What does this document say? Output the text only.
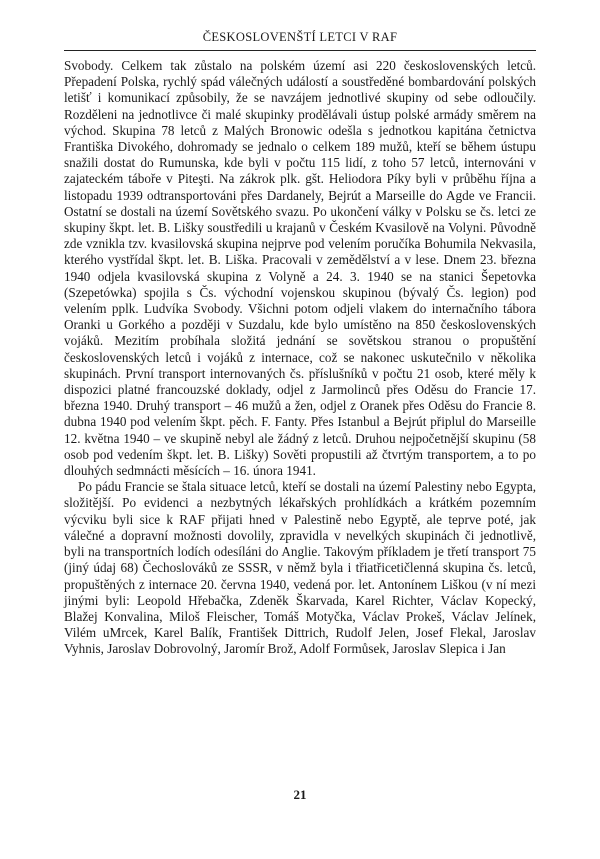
ČESKOSLOVENŠTÍ LETCI V RAF

Svobody. Celkem tak zůstalo na polském území asi 220 československých letců. Přepadení Polska, rychlý spád válečných událostí a soustředěné bombardování polských letišť i komunikací způsobily, že se navzájem jednotlivé skupiny od sebe odloučily. Rozděleni na jednotlivce či malé skupinky prodělávali ústup polské armády směrem na východ. Skupina 78 letců z Malých Bronowic odešla s jednotkou kapitána četnictva Františka Divokého, dohromady se jednalo o celkem 189 mužů, kteří se během ústupu snažili dostat do Rumunska, kde byli v počtu 115 lidí, z toho 57 letců, internováni v zajateckém táboře v Piteşti. Na zákrok plk. gšt. Heliodora Píky byli v průběhu října a listopadu 1939 odtransportováni přes Dardanely, Bejrút a Marseille do Agde ve Francii. Ostatní se dostali na území Sovětského svazu. Po ukončení války v Polsku se čs. letci ze skupiny škpt. let. B. Lišky soustředili u krajanů v Českém Kvasilově na Volyni. Původně zde vznikla tzv. kvasilovská skupina nejprve pod velením poručíka Bohumila Nekvasila, kterého vystřídal škpt. let. B. Liška. Pracovali v zemědělství a v lese. Dnem 23. března 1940 odjela kvasilovská skupina z Volyně a 24. 3. 1940 se na stanici Šepetovka (Szepetówka) spojila s Čs. východní vojenskou skupinou (bývalý Čs. legion) pod velením pplk. Ludvíka Svobody. Všichni potom odjeli vlakem do internačního tábora Oranki u Gorkého a později v Suzdalu, kde bylo umístěno na 850 československých vojáků. Mezitím probíhala složitá jednání se sovětskou stranou o propuštění československých letců i vojáků z internace, což se nakonec uskutečnilo v několika skupinách. První transport internovaných čs. příslušníků v počtu 21 osob, které měly k dispozici platné francouzské doklady, odjel z Jarmolinců přes Oděsu do Francie 17. března 1940. Druhý transport – 46 mužů a žen, odjel z Oranek přes Oděsu do Francie 8. dubna 1940 pod velením škpt. pěch. F. Fanty. Přes Istanbul a Bejrút připlul do Marseille 12. května 1940 – ve skupině nebyl ale žádný z letců. Druhou nejpočetnější skupinu (58 osob pod vedením škpt. let. B. Lišky) Sověti propustili až čtvrtým transportem, a to po dlouhých sedmnácti měsících – 16. února 1941.

Po pádu Francie se štala situace letců, kteří se dostali na území Palestiny nebo Egypta, složitější. Po evidenci a nezbytných lékařských prohlídkách a krátkém pozemním výcviku byli sice k RAF přijati hned v Palestině nebo Egyptě, ale teprve poté, jak válečné a dopravní možnosti dovolily, zpravidla v nevelkých skupinách či jednotlivě, byli na transportních lodích odesíláni do Anglie. Takovým příkladem je třetí transport 75 (jiný údaj 68) Čechoslováků ze SSSR, v němž byla i třiatřicetičlenná skupina čs. letců, propuštěných z internace 20. června 1940, vedená por. let. Antonínem Liškou (v ní mezi jinými byli: Leopold Hřebačka, Zdeněk Škarvada, Karel Richter, Václav Kopecký, Blažej Konvalina, Miloš Fleischer, Tomáš Motyčka, Václav Prokeš, Václav Jelínek, Vilém uMrcek, Karel Balík, František Dittrich, Rudolf Jelen, Josef Flekal, Jaroslav Vyhnis, Jaroslav Dobrovolný, Jaromír Brož, Adolf Formůsek, Jaroslav Slepica i Jan

21
